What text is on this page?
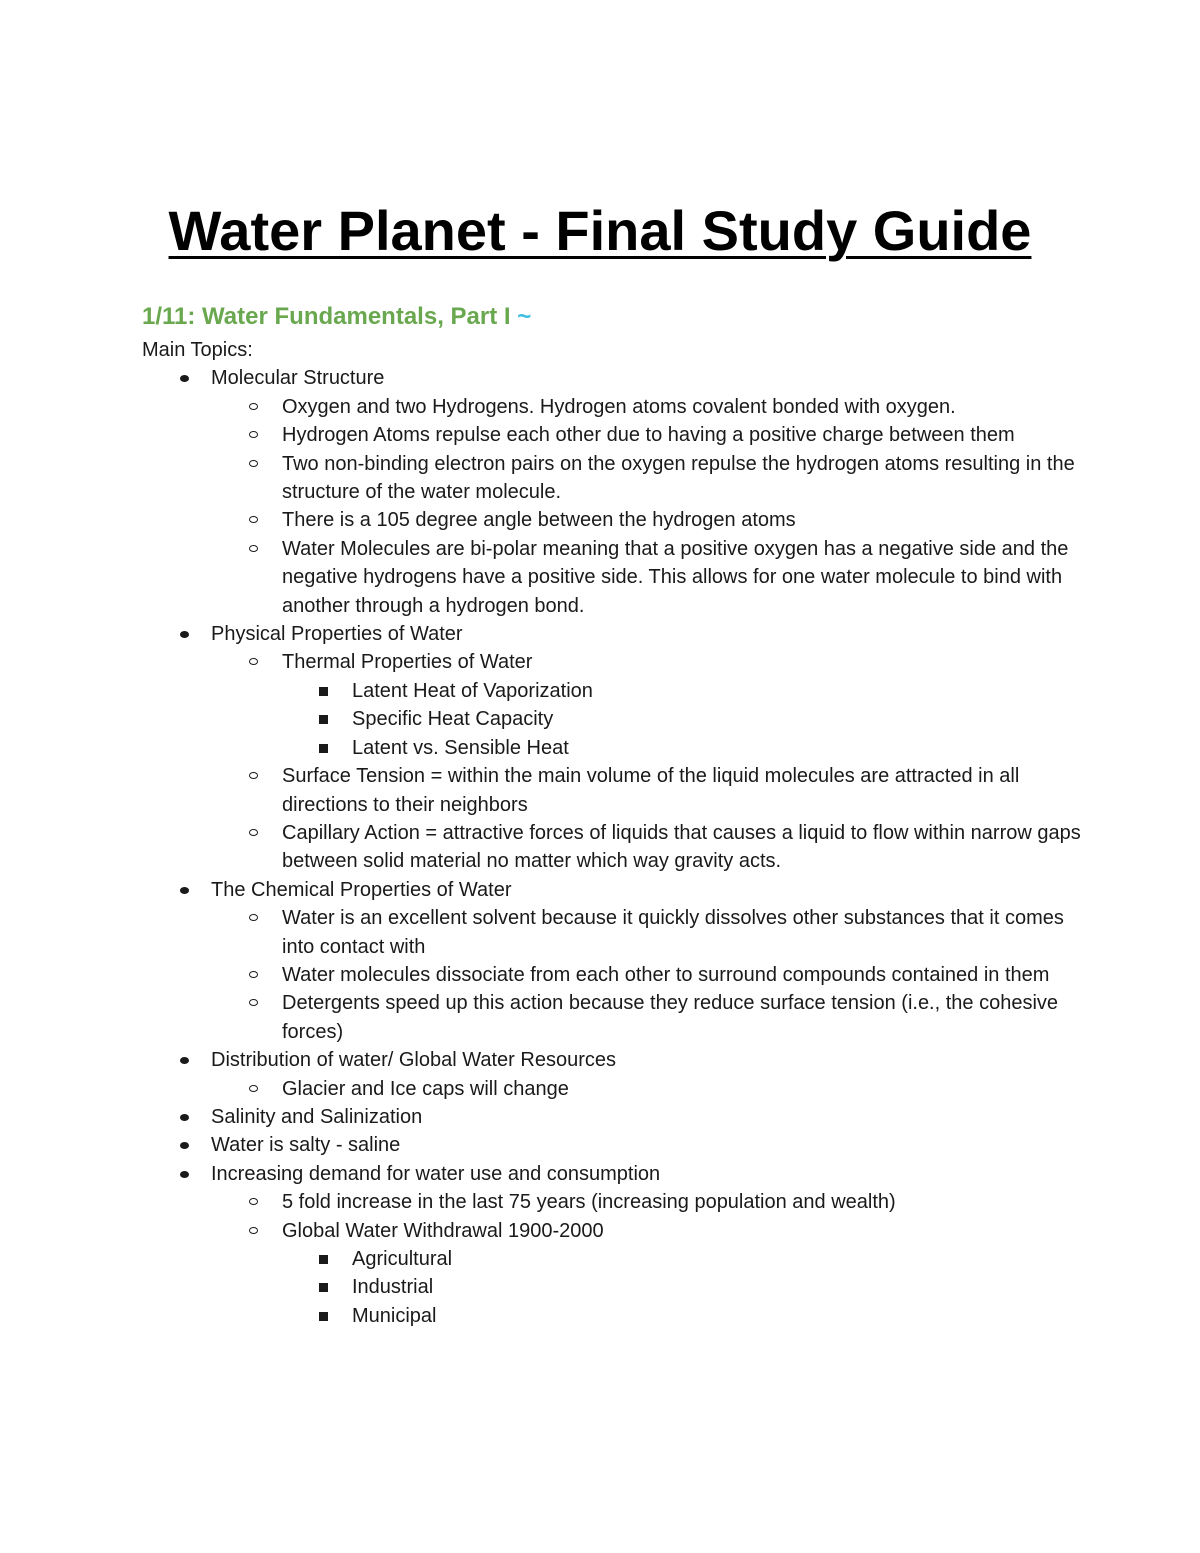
Water Planet - Final Study Guide
1/11: Water Fundamentals, Part I ~
Main Topics:
Molecular Structure
Oxygen and two Hydrogens. Hydrogen atoms covalent bonded with oxygen.
Hydrogen Atoms repulse each other due to having a positive charge between them
Two non-binding electron pairs on the oxygen repulse the hydrogen atoms resulting in the structure of the water molecule.
There is a 105 degree angle between the hydrogen atoms
Water Molecules are bi-polar meaning that a positive oxygen has a negative side and the negative hydrogens have a positive side. This allows for one water molecule to bind with another through a hydrogen bond.
Physical Properties of Water
Thermal Properties of Water
Latent Heat of Vaporization
Specific Heat Capacity
Latent vs. Sensible Heat
Surface Tension = within the main volume of the liquid molecules are attracted in all directions to their neighbors
Capillary Action = attractive forces of liquids that causes a liquid to flow within narrow gaps between solid material no matter which way gravity acts.
The Chemical Properties of Water
Water is an excellent solvent because it quickly dissolves other substances that it comes into contact with
Water molecules dissociate from each other to surround compounds contained in them
Detergents speed up this action because they reduce surface tension (i.e., the cohesive forces)
Distribution of water/ Global Water Resources
Glacier and Ice caps will change
Salinity and Salinization
Water is salty - saline
Increasing demand for water use and consumption
5 fold increase in the last 75 years (increasing population and wealth)
Global Water Withdrawal 1900-2000
Agricultural
Industrial
Municipal
